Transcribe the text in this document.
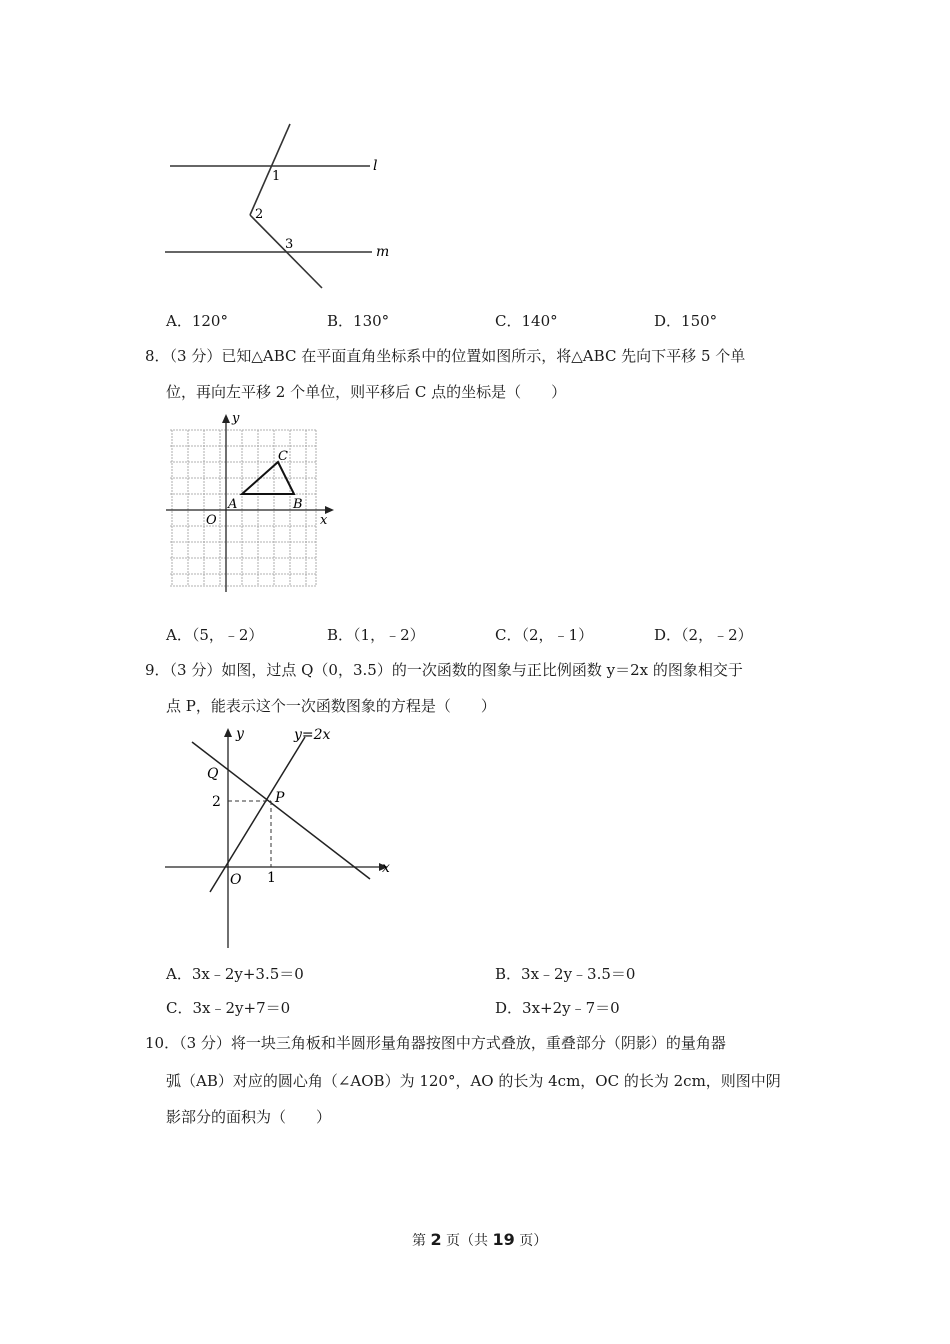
l
m
1
2
3
A．120°	B．130°	C．140°	D．150°
8．（3 分）已知△ABC 在平面直角坐标系中的位置如图所示，将△ABC 先向下平移 5 个单
位，再向左平移 2 个单位，则平移后 C 点的坐标是（　　）
y
x
O
A	B
C
A．（5，﹣2）	B．（1，﹣2）	C．（2，﹣1）	D．（2，﹣2）
9．（3 分）如图，过点 Q（0，3.5）的一次函数的图象与正比例函数 y＝2x 的图象相交于
点 P，能表示这个一次函数图象的方程是（　　）
y
x
y=2x
Q
P
O
2
1
A．3x﹣2y+3.5＝0	B．3x﹣2y﹣3.5＝0
C．3x﹣2y+7＝0	D．3x+2y﹣7＝0
10．（3 分）将一块三角板和半圆形量角器按图中方式叠放，重叠部分（阴影）的量角器
弧（AB）对应的圆心角（∠AOB）为 120°，AO 的长为 4cm，OC 的长为 2cm，则图中阴
影部分的面积为（　　）
第 2 页（共 19 页）
